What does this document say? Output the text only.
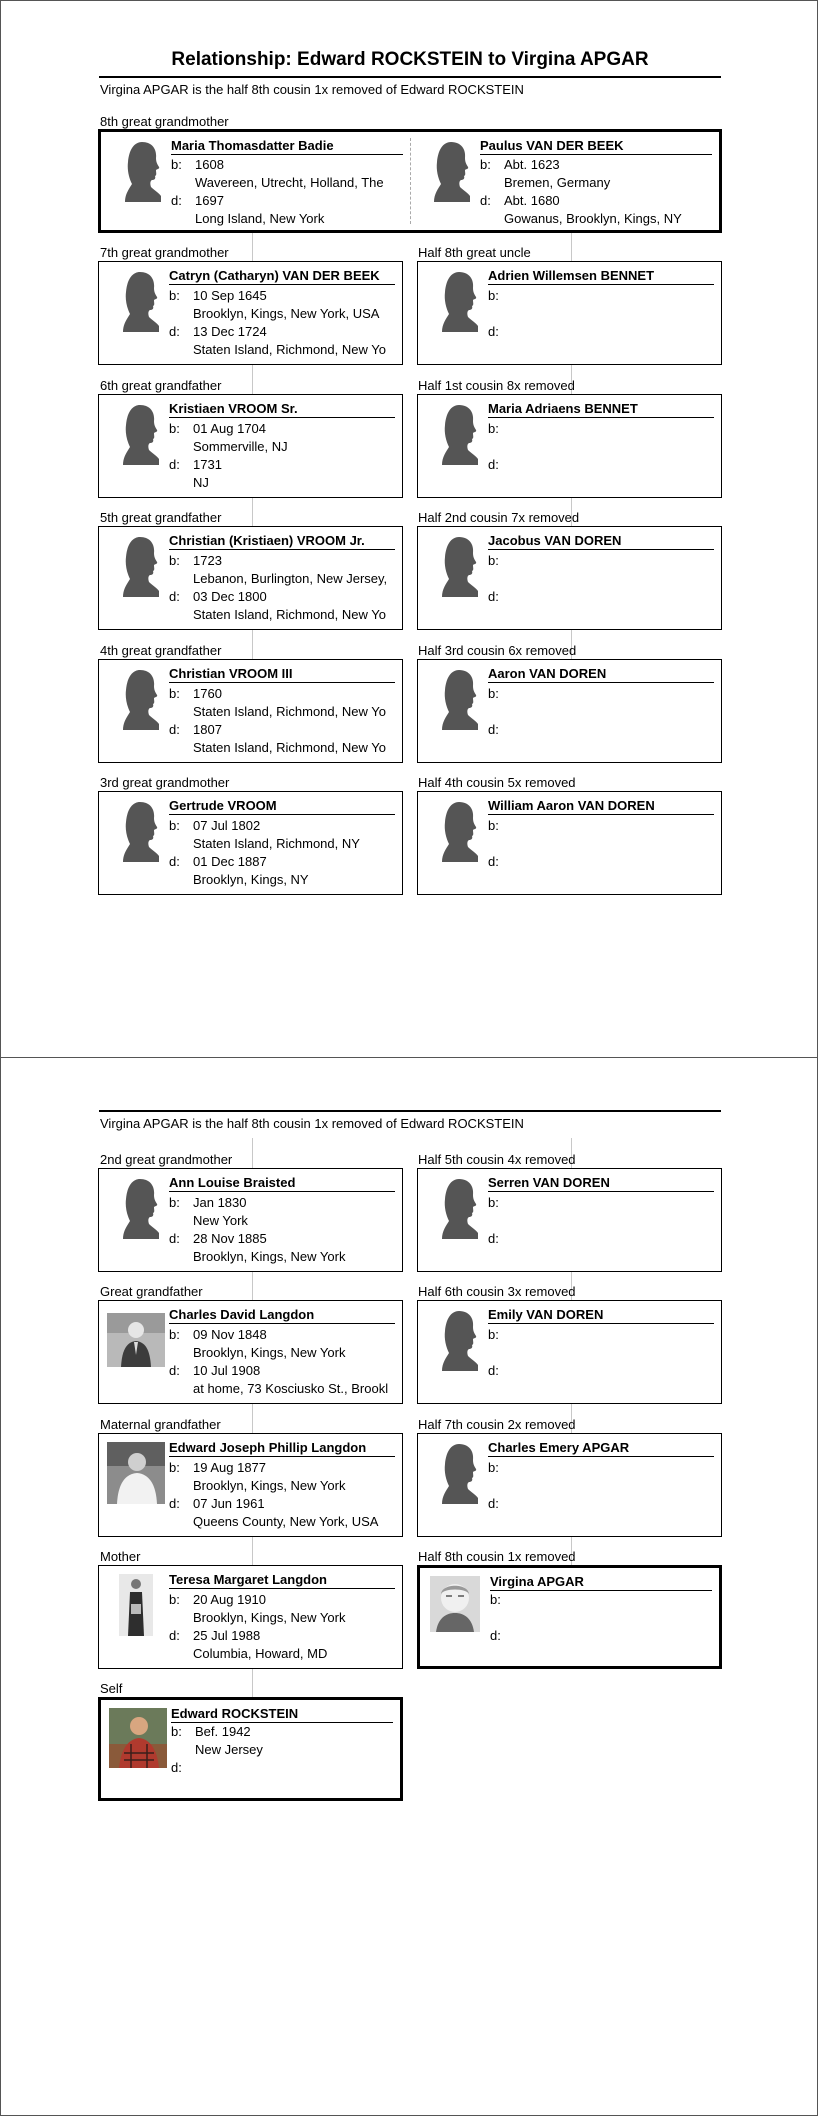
Relationship: Edward ROCKSTEIN to Virgina APGAR
Virgina APGAR is the half 8th cousin 1x removed of Edward ROCKSTEIN
8th great grandmother
Maria Thomasdatter Badie
b: 1608
Wavereen, Utrecht, Holland, The
d: 1697
Long Island, New York
Paulus VAN DER BEEK
b: Abt. 1623
Bremen, Germany
d: Abt. 1680
Gowanus, Brooklyn, Kings, NY
7th great grandmother	Half 8th great uncle
Catryn (Catharyn) VAN DER BEEK
b: 10 Sep 1645
Brooklyn, Kings, New York, USA
d: 13 Dec 1724
Staten Island, Richmond, New Yo
Adrien Willemsen BENNET
b:
d:
6th great grandfather	Half 1st cousin 8x removed
Kristiaen VROOM Sr.
b: 01 Aug 1704
Sommerville, NJ
d: 1731
NJ
Maria Adriaens BENNET
b:
d:
5th great grandfather	Half 2nd cousin 7x removed
Christian (Kristiaen) VROOM Jr.
b: 1723
Lebanon, Burlington, New Jersey,
d: 03 Dec 1800
Staten Island, Richmond, New Yo
Jacobus VAN DOREN
b:
d:
4th great grandfather	Half 3rd cousin 6x removed
Christian VROOM III
b: 1760
Staten Island, Richmond, New Yo
d: 1807
Staten Island, Richmond, New Yo
Aaron VAN DOREN
b:
d:
3rd great grandmother	Half 4th cousin 5x removed
Gertrude VROOM
b: 07 Jul 1802
Staten Island, Richmond, NY
d: 01 Dec 1887
Brooklyn, Kings, NY
William Aaron VAN DOREN
b:
d:
Virgina APGAR is the half 8th cousin 1x removed of Edward ROCKSTEIN
2nd great grandmother	Half 5th cousin 4x removed
Ann Louise Braisted
b: Jan 1830
New York
d: 28 Nov 1885
Brooklyn, Kings, New York
Serren VAN DOREN
b:
d:
Great grandfather	Half 6th cousin 3x removed
Charles David Langdon
b: 09 Nov 1848
Brooklyn, Kings, New York
d: 10 Jul 1908
at home, 73 Kosciusko St., Brookl
Emily VAN DOREN
b:
d:
Maternal grandfather	Half 7th cousin 2x removed
Edward Joseph Phillip Langdon
b: 19 Aug 1877
Brooklyn, Kings, New York
d: 07 Jun 1961
Queens County, New York, USA
Charles Emery APGAR
b:
d:
Mother	Half 8th cousin 1x removed
Teresa Margaret Langdon
b: 20 Aug 1910
Brooklyn, Kings, New York
d: 25 Jul 1988
Columbia, Howard, MD
Virgina APGAR
b:
d:
Self
Edward ROCKSTEIN
b: Bef. 1942
New Jersey
d:
